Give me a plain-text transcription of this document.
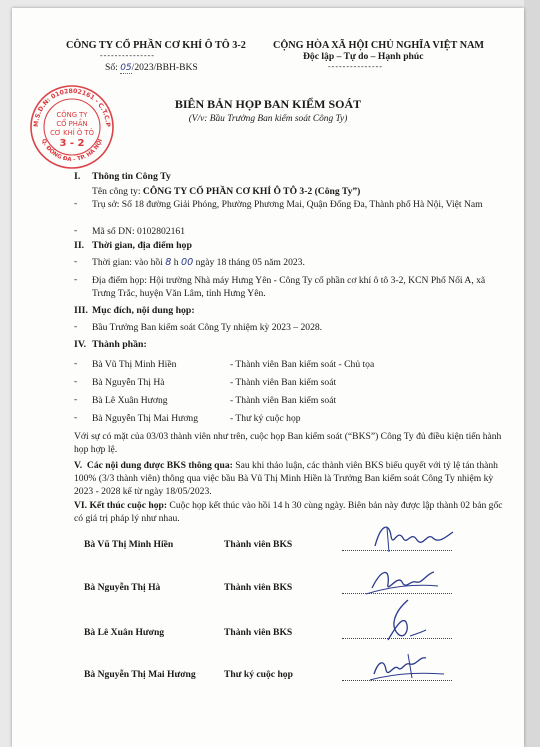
CÔNG TY CỔ PHẦN CƠ KHÍ Ô TÔ 3-2
---------------
Số: 05/2023/BBH-BKS
CỘNG HÒA XÃ HỘI CHỦ NGHĨA VIỆT NAM
Độc lập – Tự do – Hạnh phúc
---------------
BIÊN BẢN HỌP BAN KIỂM SOÁT
(V/v: Bầu Trưởng Ban kiểm soát Công Ty)
M.S.D.N: 0102802161 - C.T.C.P
Q. ĐỐNG ĐA - TP. HÀ NỘI
CÔNG TY
CỔ PHẦN
CƠ KHÍ Ô TÔ
3 - 2
I. Thông tin Công Ty
Tên công ty: CÔNG TY CỔ PHẦN CƠ KHÍ Ô TÔ 3-2 (Công Ty”)
- Trụ sở: Số 18 đường Giải Phóng, Phường Phương Mai, Quận Đống Đa, Thành phố Hà Nội, Việt Nam
- Mã số DN: 0102802161
II. Thời gian, địa điểm họp
- Thời gian: vào hồi 8 h 00 ngày 18 tháng 05 năm 2023.
- Địa điểm họp: Hội trường Nhà máy Hưng Yên - Công Ty cổ phần cơ khí ô tô 3-2, KCN Phố Nối A, xã Trưng Trắc, huyện Văn Lâm, tỉnh Hưng Yên.
III. Mục đích, nội dung họp:
- Bầu Trưởng Ban kiểm soát Công Ty nhiệm kỳ 2023 – 2028.
IV. Thành phần:
- Bà Vũ Thị Minh Hiền	- Thành viên Ban kiểm soát - Chủ tọa
- Bà Nguyễn Thị Hà	- Thành viên Ban kiểm soát
- Bà Lê Xuân Hương	- Thành viên Ban kiểm soát
- Bà Nguyễn Thị Mai Hương	- Thư ký cuộc họp
Với sự có mặt của 03/03 thành viên như trên, cuộc họp Ban kiểm soát (“BKS”) Công Ty đủ điều kiện tiến hành họp hợp lệ.
V. Các nội dung được BKS thông qua: Sau khi thảo luận, các thành viên BKS biểu quyết với tỷ lệ tán thành 100% (3/3 thành viên) thông qua việc bầu Bà Vũ Thị Minh Hiền là Trưởng Ban kiểm soát Công Ty nhiệm kỳ 2023 - 2028 kể từ ngày 18/05/2023.
VI. Kết thúc cuộc họp: Cuộc họp kết thúc vào hồi 14 h 30 cùng ngày. Biên bản này được lập thành 02 bản gốc có giá trị pháp lý như nhau.
Bà Vũ Thị Minh Hiền	Thành viên BKS
Bà Nguyễn Thị Hà	Thành viên BKS
Bà Lê Xuân Hương	Thành viên BKS
Bà Nguyễn Thị Mai Hương	Thư ký cuộc họp
